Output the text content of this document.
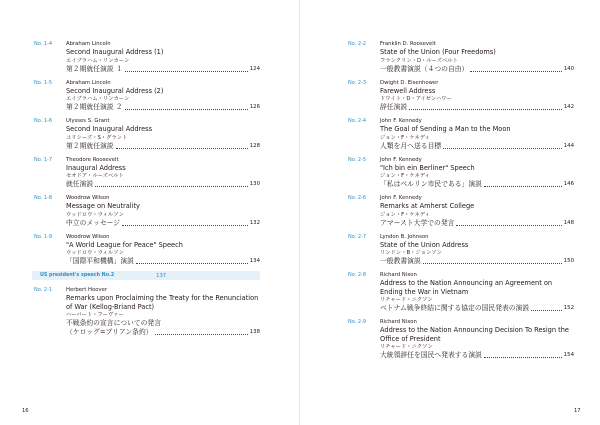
No. 1-4	Abraham Lincoln
Second Inaugural Address (1)
エイブラハム・リンカーン
第２期就任演説 １	124
No. 1-5	Abraham Lincoln
Second Inaugural Address (2)
エイブラハム・リンカーン
第２期就任演説 ２	126
No. 1-6	Ulysses S. Grant
Second Inaugural Address
ユリシーズ・S・グラント
第２期就任演説	128
No. 1-7	Theodore Roosevelt
Inaugural Address
セオドア・ルーズベルト
就任演説	130
No. 1-8	Woodrow Wilson
Message on Neutrality
ウッドロウ・ウィルソン
中立のメッセージ	132
No. 1-9	Woodrow Wilson
"A World League for Peace" Speech
ウッドロウ・ウィルソン
「国際平和機構」演説	134
US president's speech No.2	137
No. 2-1	Herbert Hoover
Remarks upon Proclaiming the Treaty for the Renunciation of War (Kellog-Briand Pact)
ハーバート・フーヴァー
不戦条約の宣言についての発言
（ケロッグ=ブリアン条約）	138
16
No. 2-2	Franklin D. Roosevelt
State of the Union (Four Freedoms)
フランクリン・D・ルーズベルト
一般教書演説（４つの自由）	140
No. 2-3	Dwight D. Eisenhower
Farewell Address
ドワイト・D・アイゼンハワー
辞任演説	142
No. 2-4	John F. Kennedy
The Goal of Sending a Man to the Moon
ジョン・F・ケネディ
人類を月へ送る目標	144
No. 2-5	John F. Kennedy
"Ich bin ein Berliner" Speech
ジョン・F・ケネディ
「私はベルリン市民である」演説	146
No. 2-6	John F. Kennedy
Remarks at Amherst College
ジョン・F・ケネディ
アマースト大学での発言	148
No. 2-7	Lyndon B. Johnson
State of the Union Address
リンドン・B・ジョンソン
一般教書演説	150
No. 2-8	Richard Nixon
Address to the Nation Announcing an Agreement on Ending the War in Vietnam
リチャード・ニクソン
ベトナム戦争終結に関する協定の国民発表の演説	152
No. 2-9	Richard Nixon
Address to the Nation Announcing Decision To Resign the Office of President
リチャード・ニクソン
大統領辞任を国民へ発表する演説	154
17
